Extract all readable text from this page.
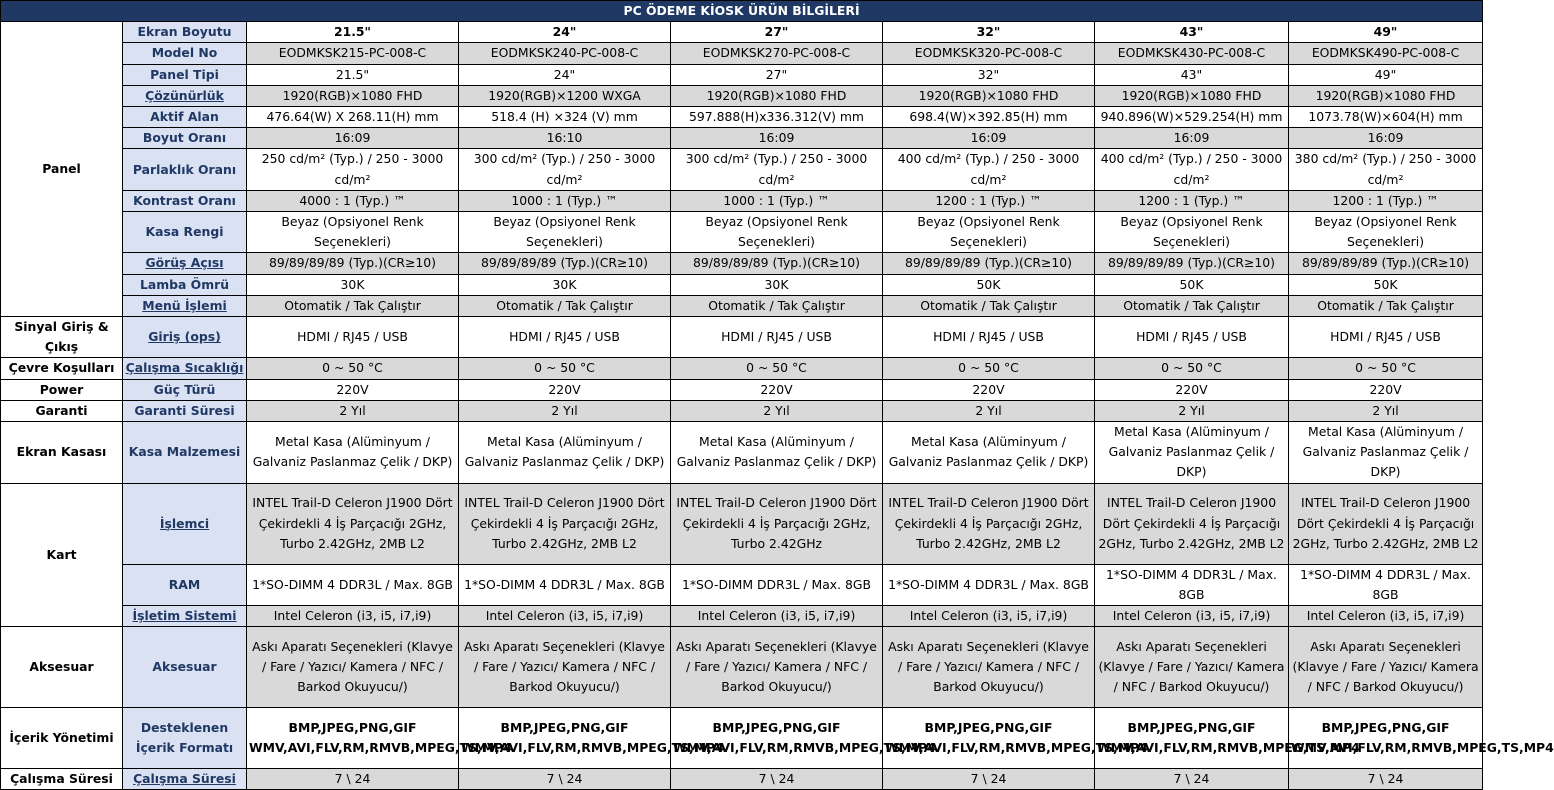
PC ÖDEME KİOSK ÜRÜN BİLGİLERİ							
Panel	Ekran Boyutu	21.5"	24"	27"	32"	43"	49"
	Model No	EODMKSK215-PC-008-C	EODMKSK240-PC-008-C	EODMKSK270-PC-008-C	EODMKSK320-PC-008-C	EODMKSK430-PC-008-C	EODMKSK490-PC-008-C
	Panel Tipi	21.5"	24"	27"	32"	43"	49"
	Çözünürlük	1920(RGB)×1080 FHD	1920(RGB)×1200 WXGA	1920(RGB)×1080 FHD	1920(RGB)×1080 FHD	1920(RGB)×1080 FHD	1920(RGB)×1080 FHD
	Aktif Alan	476.64(W) X 268.11(H) mm	518.4 (H) ×324 (V) mm	597.888(H)x336.312(V) mm	698.4(W)×392.85(H) mm	940.896(W)×529.254(H) mm	1073.78(W)×604(H) mm
	Boyut Oranı	16:09	16:10	16:09	16:09	16:09	16:09
	Parlaklık Oranı	250 cd/m² (Typ.) / 250 - 3000 cd/m²	300 cd/m² (Typ.) / 250 - 3000 cd/m²	300 cd/m² (Typ.) / 250 - 3000 cd/m²	400 cd/m² (Typ.) / 250 - 3000 cd/m²	400 cd/m² (Typ.) / 250 - 3000 cd/m²	380 cd/m² (Typ.) / 250 - 3000 cd/m²
	Kontrast Oranı	4000 : 1 (Typ.) ™	1000 : 1 (Typ.) ™	1000 : 1 (Typ.) ™	1200 : 1 (Typ.) ™	1200 : 1 (Typ.) ™	1200 : 1 (Typ.) ™
	Kasa Rengi	Beyaz (Opsiyonel Renk Seçenekleri)	Beyaz (Opsiyonel Renk Seçenekleri)	Beyaz (Opsiyonel Renk Seçenekleri)	Beyaz (Opsiyonel Renk Seçenekleri)	Beyaz (Opsiyonel Renk Seçenekleri)	Beyaz (Opsiyonel Renk Seçenekleri)
	Görüş Açısı	89/89/89/89 (Typ.)(CR≥10)	89/89/89/89 (Typ.)(CR≥10)	89/89/89/89 (Typ.)(CR≥10)	89/89/89/89 (Typ.)(CR≥10)	89/89/89/89 (Typ.)(CR≥10)	89/89/89/89 (Typ.)(CR≥10)
	Lamba Ömrü	30K	30K	30K	50K	50K	50K
	Menü İşlemi	Otomatik / Tak Çalıştır	Otomatik / Tak Çalıştır	Otomatik / Tak Çalıştır	Otomatik / Tak Çalıştır	Otomatik / Tak Çalıştır	Otomatik / Tak Çalıştır
Sinyal Giriş & Çıkış	Giriş (ops)	HDMI / RJ45 / USB	HDMI / RJ45 / USB	HDMI / RJ45 / USB	HDMI / RJ45 / USB	HDMI / RJ45 / USB	HDMI / RJ45 / USB
Çevre Koşulları	Çalışma Sıcaklığı	0 ~ 50 °C	0 ~ 50 °C	0 ~ 50 °C	0 ~ 50 °C	0 ~ 50 °C	0 ~ 50 °C
Power	Güç Türü	220V	220V	220V	220V	220V	220V
Garanti	Garanti Süresi	2 Yıl	2 Yıl	2 Yıl	2 Yıl	2 Yıl	2 Yıl
Ekran Kasası	Kasa Malzemesi	Metal Kasa (Alüminyum / Galvaniz Paslanmaz Çelik / DKP)	Metal Kasa (Alüminyum / Galvaniz Paslanmaz Çelik / DKP)	Metal Kasa (Alüminyum / Galvaniz Paslanmaz Çelik / DKP)	Metal Kasa (Alüminyum / Galvaniz Paslanmaz Çelik / DKP)	Metal Kasa (Alüminyum / Galvaniz Paslanmaz Çelik / DKP)	Metal Kasa (Alüminyum / Galvaniz Paslanmaz Çelik / DKP)
Kart	İşlemci	INTEL Trail-D Celeron J1900 Dört Çekirdekli 4 İş Parçacığı 2GHz, Turbo 2.42GHz, 2MB L2	INTEL Trail-D Celeron J1900 Dört Çekirdekli 4 İş Parçacığı 2GHz, Turbo 2.42GHz, 2MB L2	INTEL Trail-D Celeron J1900 Dört Çekirdekli 4 İş Parçacığı 2GHz, Turbo 2.42GHz	INTEL Trail-D Celeron J1900 Dört Çekirdekli 4 İş Parçacığı 2GHz, Turbo 2.42GHz, 2MB L2	INTEL Trail-D Celeron J1900 Dört Çekirdekli 4 İş Parçacığı 2GHz, Turbo 2.42GHz, 2MB L2	INTEL Trail-D Celeron J1900 Dört Çekirdekli 4 İş Parçacığı 2GHz, Turbo 2.42GHz, 2MB L2
	RAM	1*SO-DIMM 4 DDR3L / Max. 8GB	1*SO-DIMM 4 DDR3L / Max. 8GB	1*SO-DIMM DDR3L / Max. 8GB	1*SO-DIMM 4 DDR3L / Max. 8GB	1*SO-DIMM 4 DDR3L / Max. 8GB	1*SO-DIMM 4 DDR3L / Max. 8GB
	İşletim Sistemi	Intel Celeron (i3, i5, i7,i9)	Intel Celeron (i3, i5, i7,i9)	Intel Celeron (i3, i5, i7,i9)	Intel Celeron (i3, i5, i7,i9)	Intel Celeron (i3, i5, i7,i9)	Intel Celeron (i3, i5, i7,i9)
Aksesuar	Aksesuar	Askı Aparatı Seçenekleri (Klavye / Fare / Yazıcı/ Kamera / NFC / Barkod Okuyucu/)	Askı Aparatı Seçenekleri (Klavye / Fare / Yazıcı/ Kamera / NFC / Barkod Okuyucu/)	Askı Aparatı Seçenekleri (Klavye / Fare / Yazıcı/ Kamera / NFC / Barkod Okuyucu/)	Askı Aparatı Seçenekleri (Klavye / Fare / Yazıcı/ Kamera / NFC / Barkod Okuyucu/)	Askı Aparatı Seçenekleri (Klavye / Fare / Yazıcı/ Kamera / NFC / Barkod Okuyucu/)	Askı Aparatı Seçenekleri (Klavye / Fare / Yazıcı/ Kamera / NFC / Barkod Okuyucu/)
İçerik Yönetimi	Desteklenen İçerik Formatı	BMP,JPEG,PNG,GIF WMV,AVI,FLV,RM,RMVB,MPEG,TS,MP4	BMP,JPEG,PNG,GIF WMV,AVI,FLV,RM,RMVB,MPEG,TS,MP4	BMP,JPEG,PNG,GIF WMV,AVI,FLV,RM,RMVB,MPEG,TS,MP4	BMP,JPEG,PNG,GIF WMV,AVI,FLV,RM,RMVB,MPEG,TS,MP4	BMP,JPEG,PNG,GIF WMV,AVI,FLV,RM,RMVB,MPEG,TS,MP4	BMP,JPEG,PNG,GIF WMV,AVI,FLV,RM,RMVB,MPEG,TS,MP4
Çalışma Süresi	Çalışma Süresi	7 \ 24	7 \ 24	7 \ 24	7 \ 24	7 \ 24	7 \ 24
